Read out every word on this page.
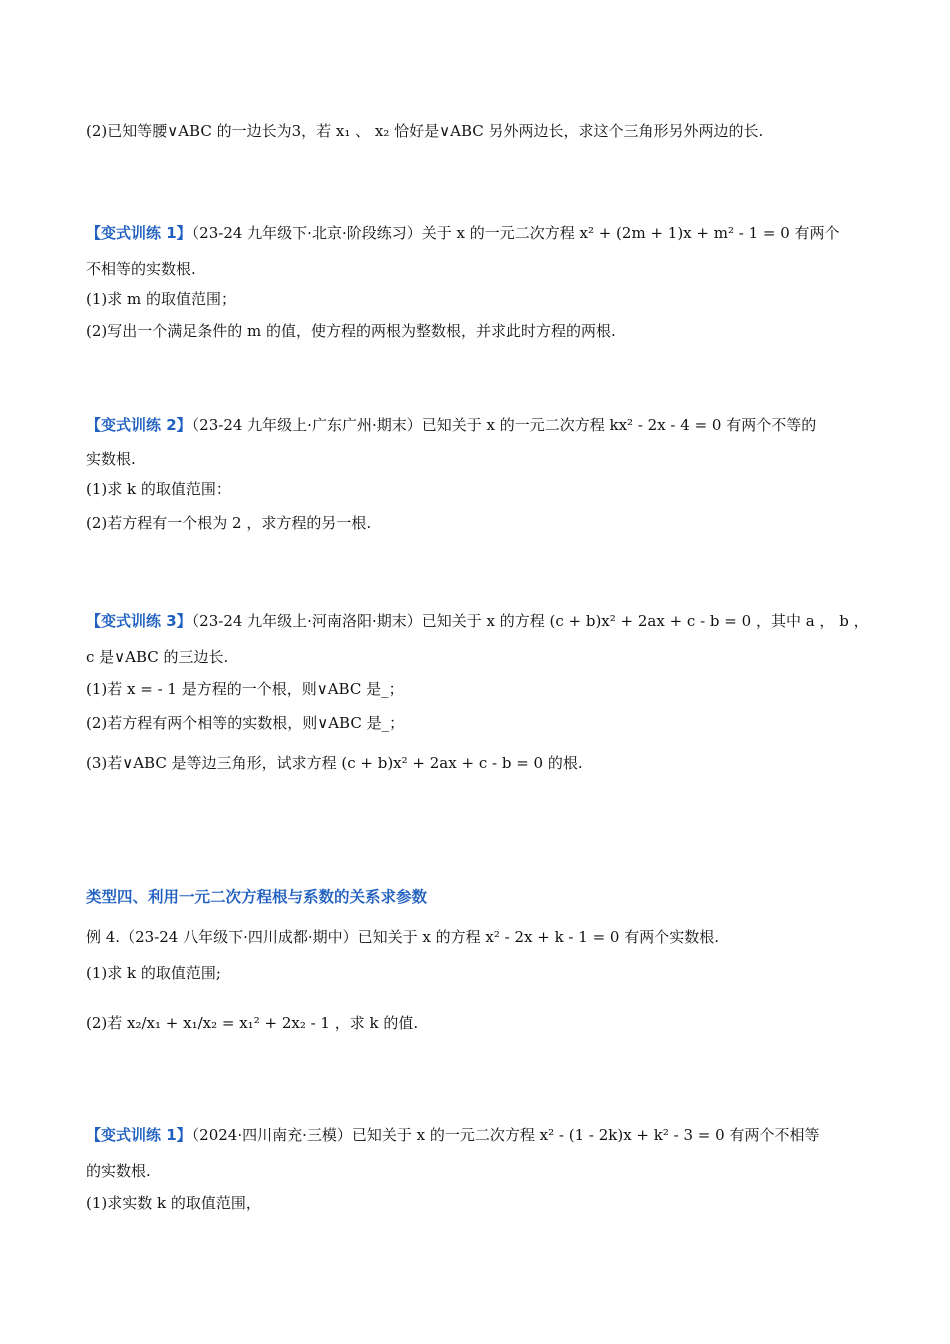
(2)已知等腰∨ABC 的一边长为3，若 x₁ 、 x₂ 恰好是∨ABC 另外两边长，求这个三角形另外两边的长.
【变式训练 1】（23-24 九年级下·北京·阶段练习）关于 x 的一元二次方程 x² + (2m + 1)x + m² - 1 = 0 有两个
不相等的实数根.
(1)求 m 的取值范围；
(2)写出一个满足条件的 m 的值，使方程的两根为整数根，并求此时方程的两根.
【变式训练 2】（23-24 九年级上·广东广州·期末）已知关于 x 的一元二次方程 kx² - 2x - 4 = 0 有两个不等的
实数根.
(1)求 k 的取值范围：
(2)若方程有一个根为 2 ，求方程的另一根.
【变式训练 3】（23-24 九年级上·河南洛阳·期末）已知关于 x 的方程 (c + b)x² + 2ax + c - b = 0 ，其中 a ， b ，
c 是∨ABC 的三边长.
(1)若 x = - 1 是方程的一个根，则∨ABC 是_；
(2)若方程有两个相等的实数根，则∨ABC 是_；
(3)若∨ABC 是等边三角形，试求方程 (c + b)x² + 2ax + c - b = 0 的根.
类型四、利用一元二次方程根与系数的关系求参数
例 4.（23-24 八年级下·四川成都·期中）已知关于 x 的方程 x² - 2x + k - 1 = 0 有两个实数根.
(1)求 k 的取值范围;
(2)若 x₂/x₁ + x₁/x₂ = x₁² + 2x₂ - 1 ，求 k 的值.
【变式训练 1】（2024·四川南充·三模）已知关于 x 的一元二次方程 x² - (1 - 2k)x + k² - 3 = 0 有两个不相等
的实数根.
(1)求实数 k 的取值范围，
